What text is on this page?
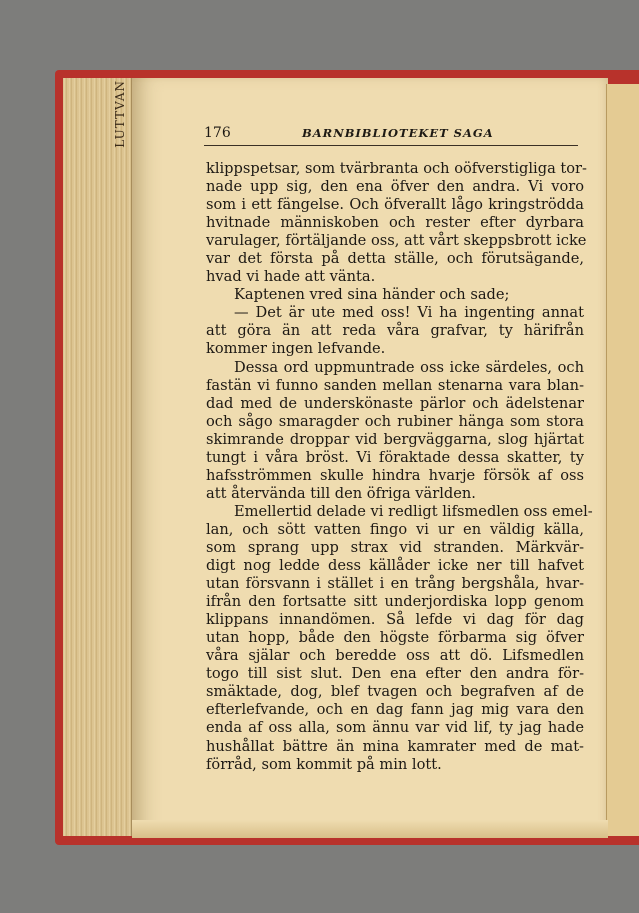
LUTTVAN	176	BARNBIBLIOTEKET SAGA
klippspetsar, som tvärbranta och oöfverstigliga tor-
nade upp sig, den ena öfver den andra. Vi voro
som i ett fängelse. Och öfverallt lågo kringströdda
hvitnade människoben och rester efter dyrbara
varulager, förtäljande oss, att vårt skeppsbrott icke
var det första på detta ställe, och förutsägande,
hvad vi hade att vänta.
Kaptenen vred sina händer och sade;
— Det är ute med oss! Vi ha ingenting annat
att göra än att reda våra grafvar, ty härifrån
kommer ingen lefvande.
Dessa ord uppmuntrade oss icke särdeles, och
fastän vi funno sanden mellan stenarna vara blan-
dad med de underskönaste pärlor och ädelstenar
och sågo smaragder och rubiner hänga som stora
skimrande droppar vid bergväggarna, slog hjärtat
tungt i våra bröst. Vi föraktade dessa skatter, ty
hafsströmmen skulle hindra hvarje försök af oss
att återvända till den öfriga världen.
Emellertid delade vi redligt lifsmedlen oss emel-
lan, och sött vatten fingo vi ur en väldig källa,
som sprang upp strax vid stranden. Märkvär-
digt nog ledde dess källåder icke ner till hafvet
utan försvann i stället i en trång bergshåla, hvar-
ifrån den fortsatte sitt underjordiska lopp genom
klippans innandömen. Så lefde vi dag för dag
utan hopp, både den högste förbarma sig öfver
våra själar och beredde oss att dö. Lifsmedlen
togo till sist slut. Den ena efter den andra för-
smäktade, dog, blef tvagen och begrafven af de
efterlefvande, och en dag fann jag mig vara den
enda af oss alla, som ännu var vid lif, ty jag hade
hushållat bättre än mina kamrater med de mat-
förråd, som kommit på min lott.
